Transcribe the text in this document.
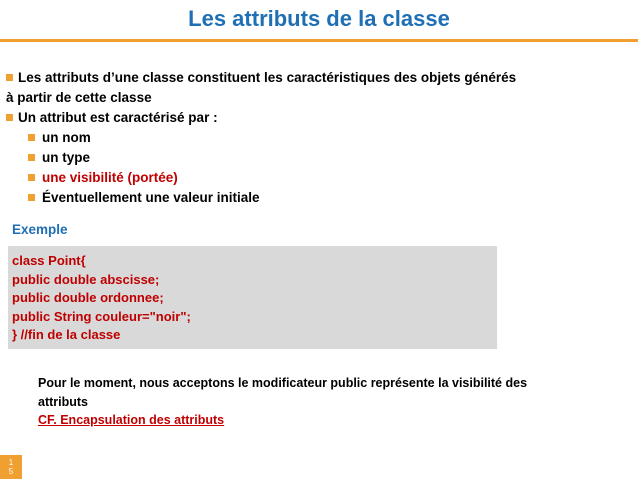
Les attributs de la classe
Les attributs d’une classe constituent les caractéristiques des objets générés
à partir de cette classe
Un attribut est caractérisé par :
un nom
un type
une visibilité (portée)
Éventuellement une valeur initiale
Exemple
class Point{
public double abscisse;
public double ordonnee;
public String couleur="noir";
} //fin de la classe
Pour le moment, nous acceptons le modificateur public représente la visibilité des
attributs
CF. Encapsulation des attributs
1
5
